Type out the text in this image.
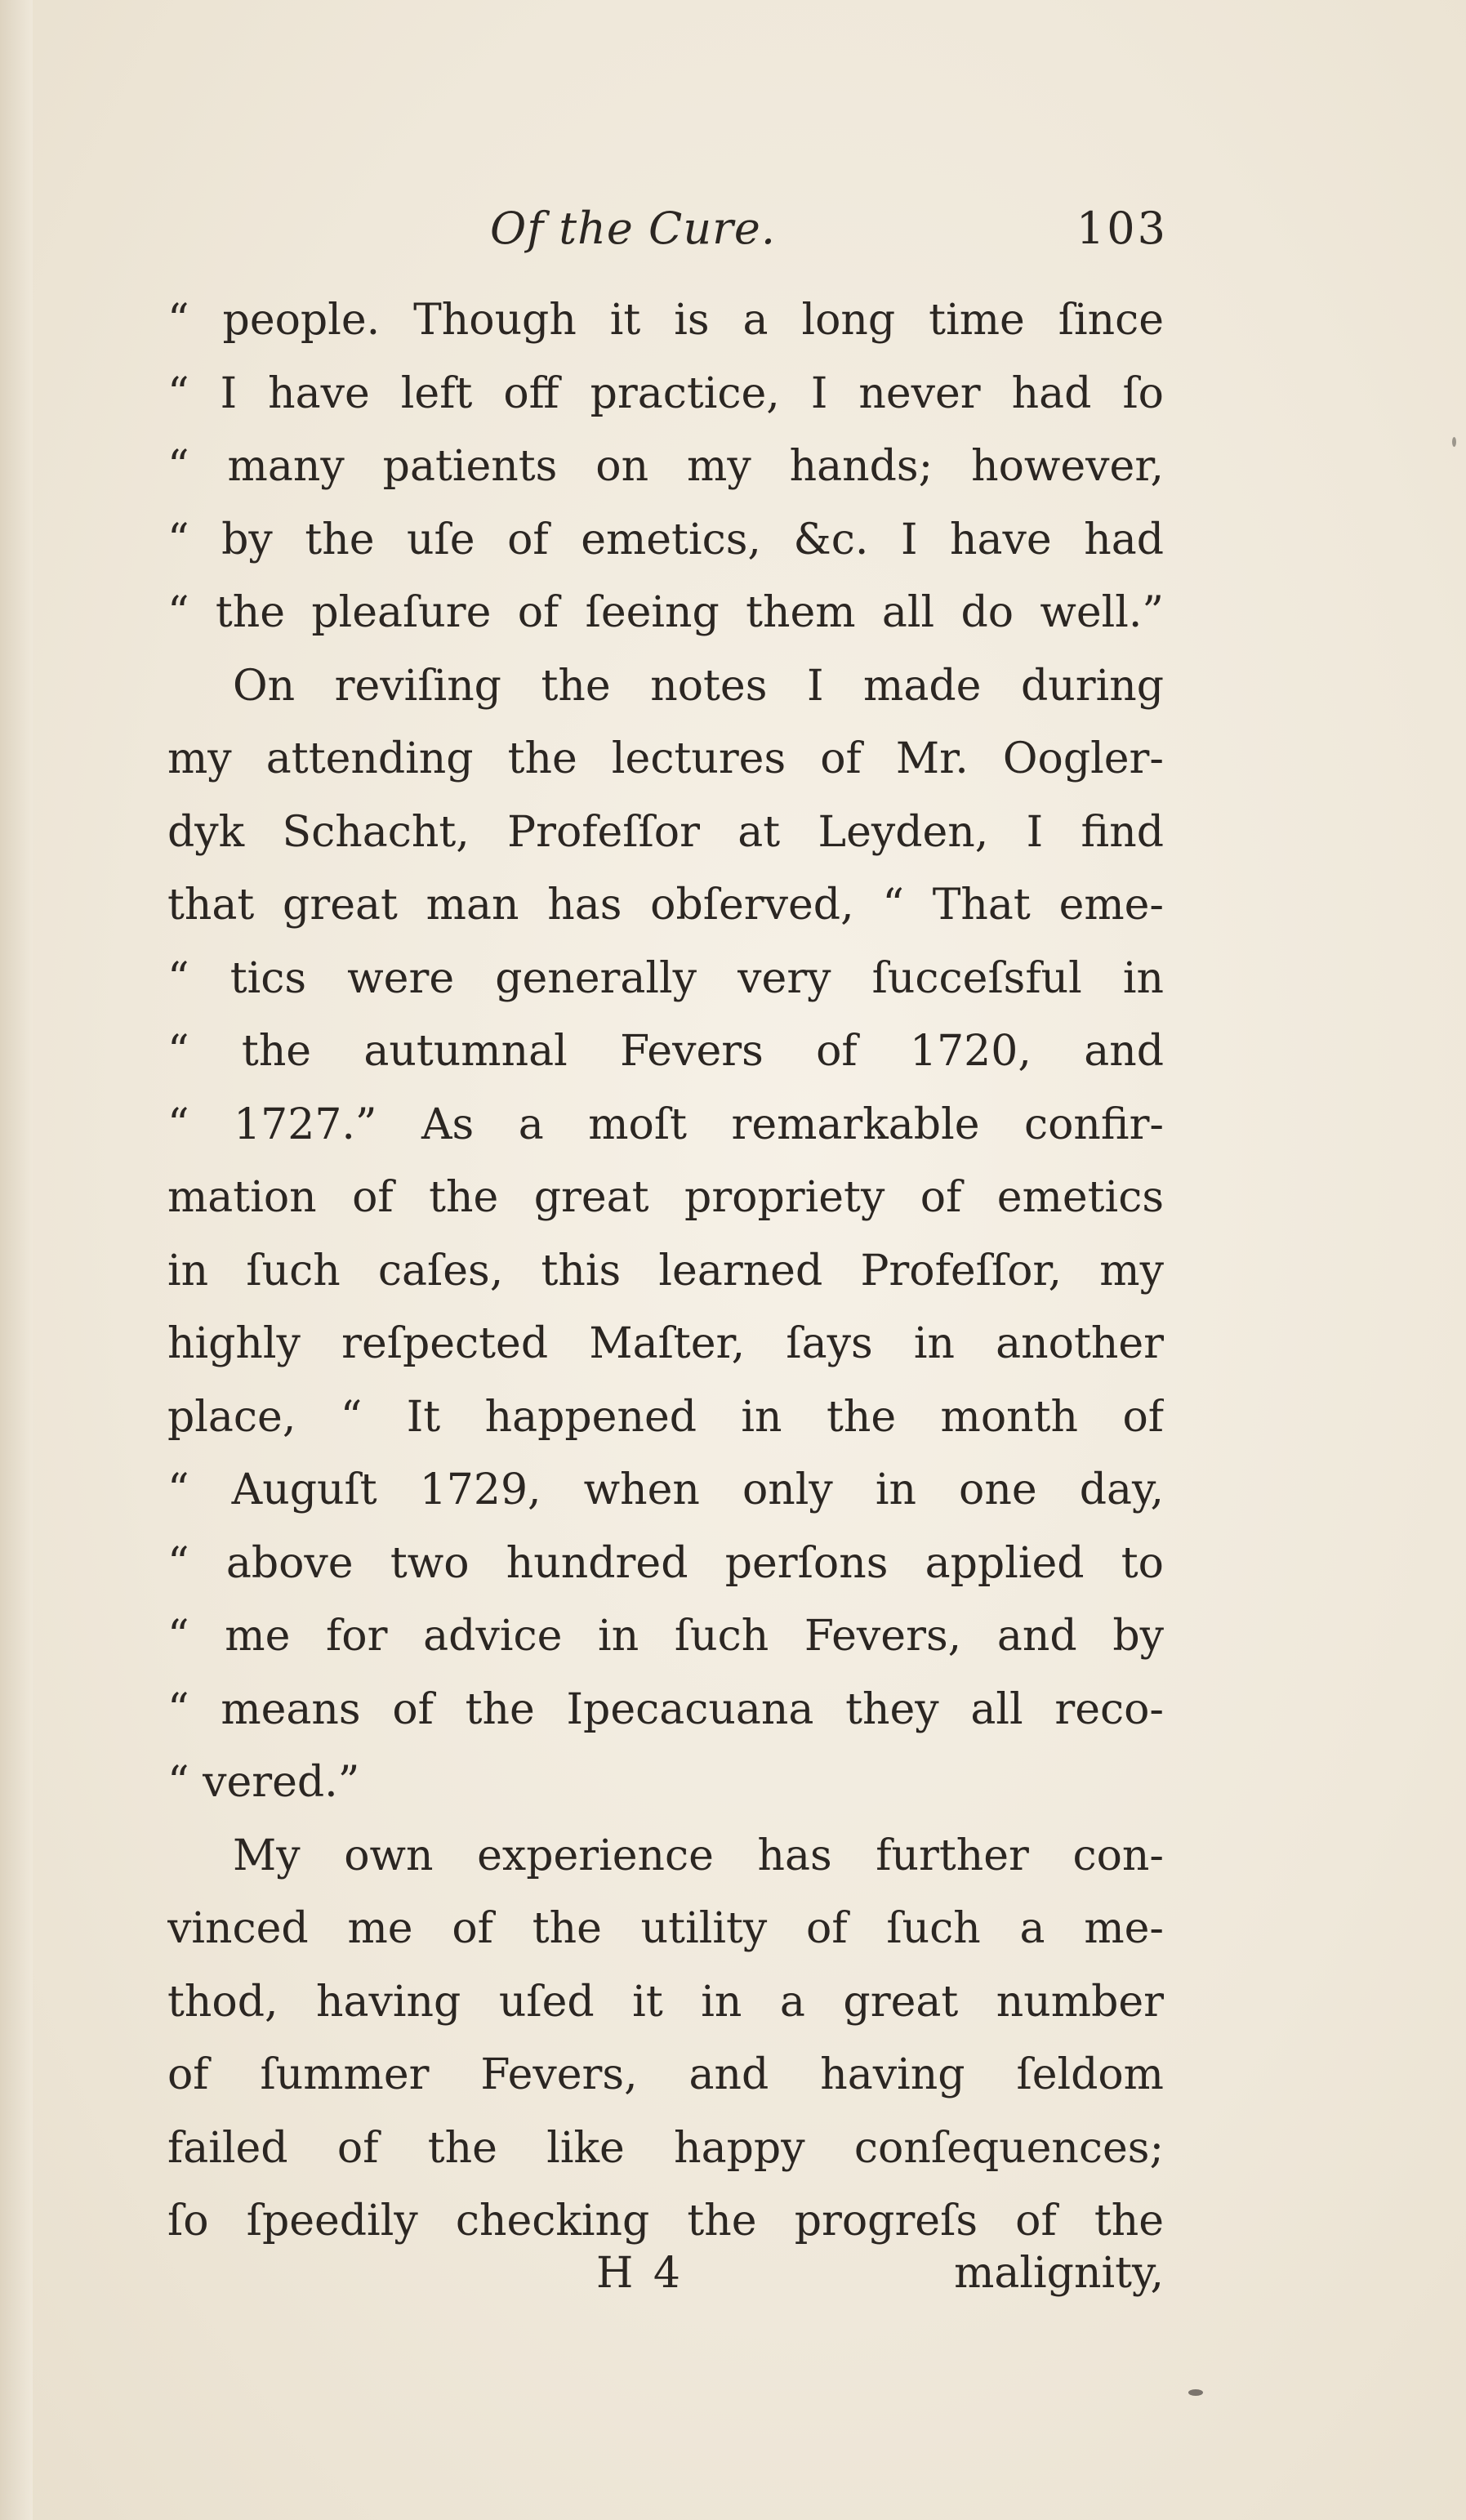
Of the Cure.	103
“ people. Though it is a long time ſince
“ I have left off practice, I never had ſo
“ many patients on my hands; however,
“ by the uſe of emetics, &c. I have had
“ the pleaſure of ſeeing them all do well.”
On reviſing the notes I made during
my attending the lectures of Mr. Oogler-
dyk Schacht, Profeſſor at Leyden, I find
that great man has obſerved, “ That eme-
“ tics were generally very ſucceſsful in
“ the autumnal Fevers of 1720, and
“ 1727.” As a moſt remarkable confir-
mation of the great propriety of emetics
in ſuch caſes, this learned Profeſſor, my
highly reſpected Maſter, ſays in another
place, “ It happened in the month of
“ Auguſt 1729, when only in one day,
“ above two hundred perſons applied to
“ me for advice in ſuch Fevers, and by
“ means of the Ipecacuana they all reco-
“ vered.”
My own experience has further con-
vinced me of the utility of ſuch a me-
thod, having uſed it in a great number
of ſummer Fevers, and having ſeldom
failed of the like happy conſequences;
ſo ſpeedily checking the progreſs of the
H 4	malignity,
